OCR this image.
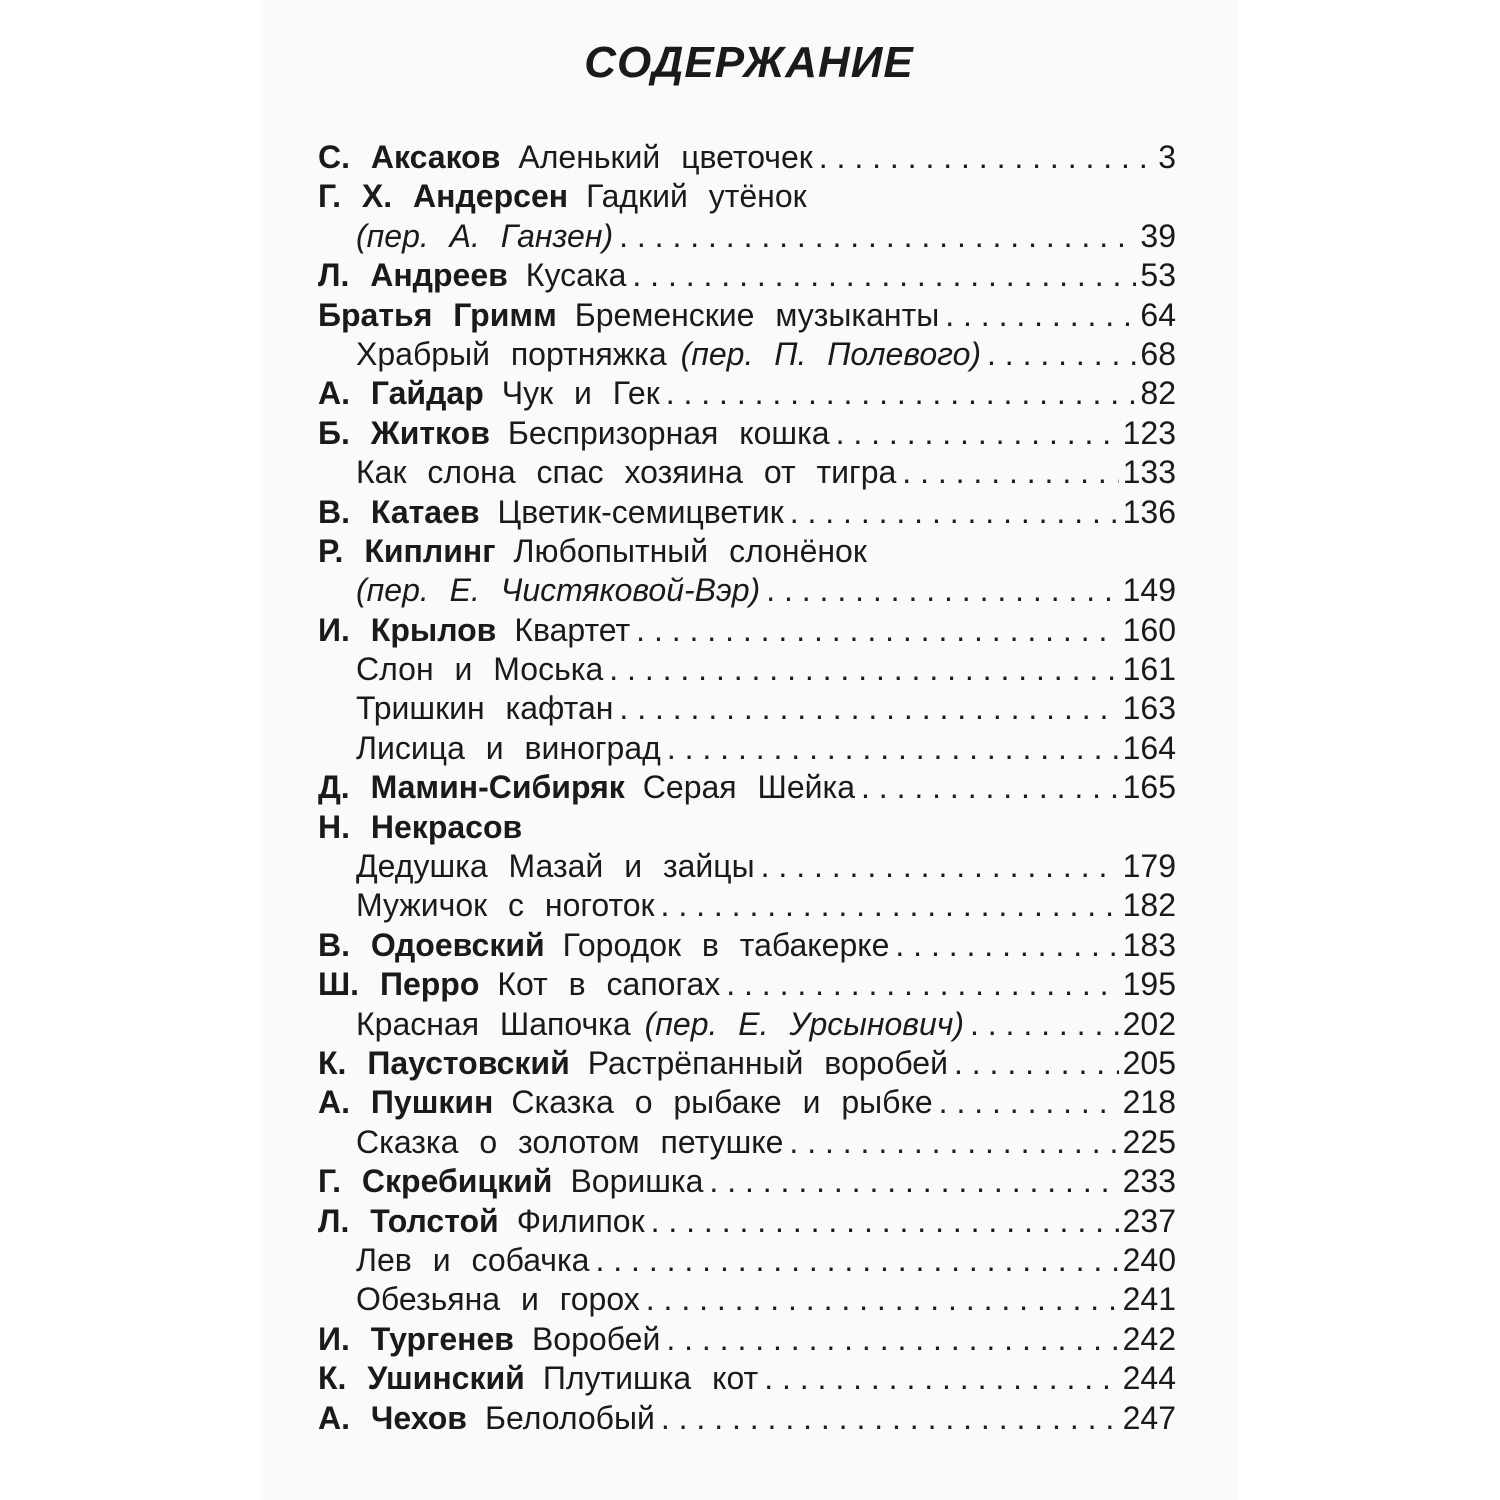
СОДЕРЖАНИЕ
С. Аксаков Аленький цветочек . . .	3
Г. Х. Андерсен Гадкий утёнок
(пер. А. Ганзен) . . .	39
Л. Андреев Кусака . . .	53
Братья Гримм Бременские музыканты . . .	64
Храбрый портняжка (пер. П. Полевого) . . .	68
А. Гайдар Чук и Гек . . .	82
Б. Житков Беспризорная кошка . . .	123
Как слона спас хозяина от тигра . . .	133
В. Катаев Цветик-семицветик . . .	136
Р. Киплинг Любопытный слонёнок
(пер. Е. Чистяковой-Вэр) . . .	149
И. Крылов Квартет . . .	160
Слон и Моська . . .	161
Тришкин кафтан . . .	163
Лисица и виноград . . .	164
Д. Мамин-Сибиряк Серая Шейка . . .	165
Н. Некрасов
Дедушка Мазай и зайцы . . .	179
Мужичок с ноготок . . .	182
В. Одоевский Городок в табакерке . . .	183
Ш. Перро Кот в сапогах . . .	195
Красная Шапочка (пер. Е. Урсынович) . . .	202
К. Паустовский Растрёпанный воробей . . .	205
А. Пушкин Сказка о рыбаке и рыбке . . .	218
Сказка о золотом петушке . . .	225
Г. Скребицкий Воришка . . .	233
Л. Толстой Филипок . . .	237
Лев и собачка . . .	240
Обезьяна и горох . . .	241
И. Тургенев Воробей . . .	242
К. Ушинский Плутишка кот . . .	244
А. Чехов Белолобый . . .	247
